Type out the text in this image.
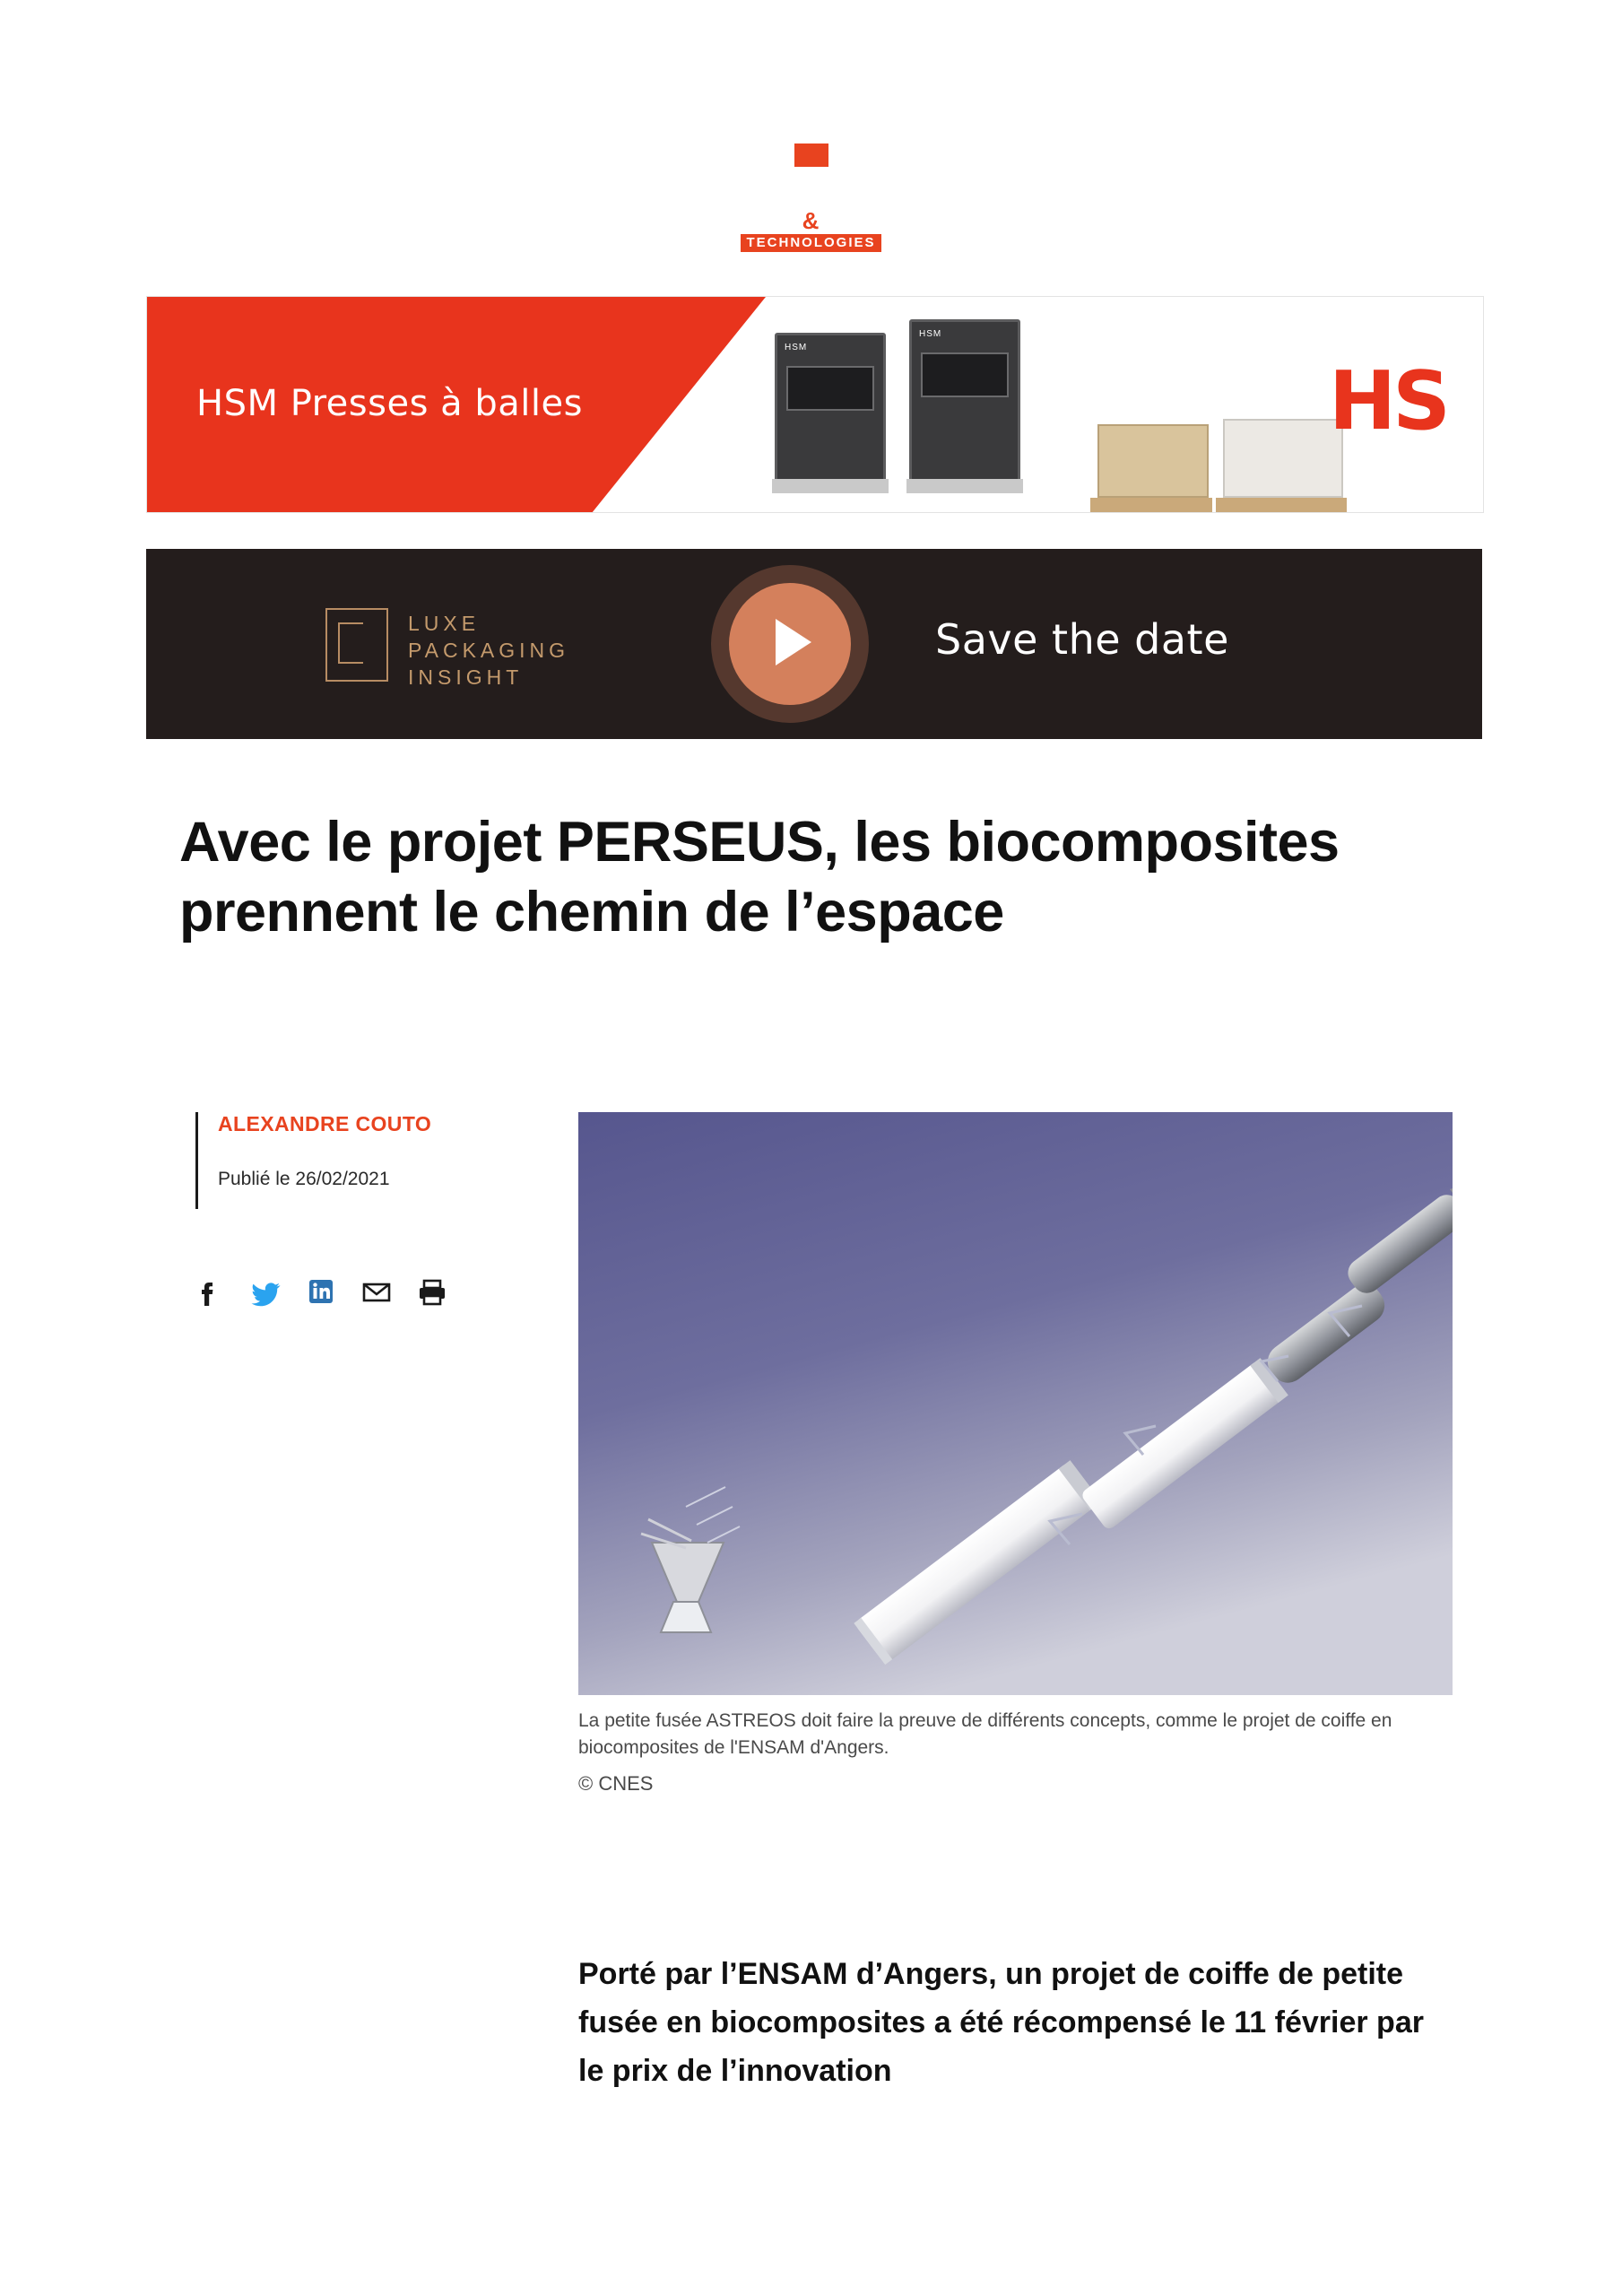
&
TECHNOLOGIES
HSM Presses à balles
HSM
HSM
HS
LUXE
PACKAGING
INSIGHT
Save the date
Avec le projet PERSEUS, les biocomposites prennent le chemin de l’espace
ALEXANDRE COUTO
Publié le 26/02/2021
La petite fusée ASTREOS doit faire la preuve de différents concepts, comme le projet de coiffe en biocomposites de l'ENSAM d'Angers.
© CNES

Porté par l’ENSAM d’Angers, un projet de coiffe de petite fusée en biocomposites a été récompensé le 11 février par le prix de l’innovation
